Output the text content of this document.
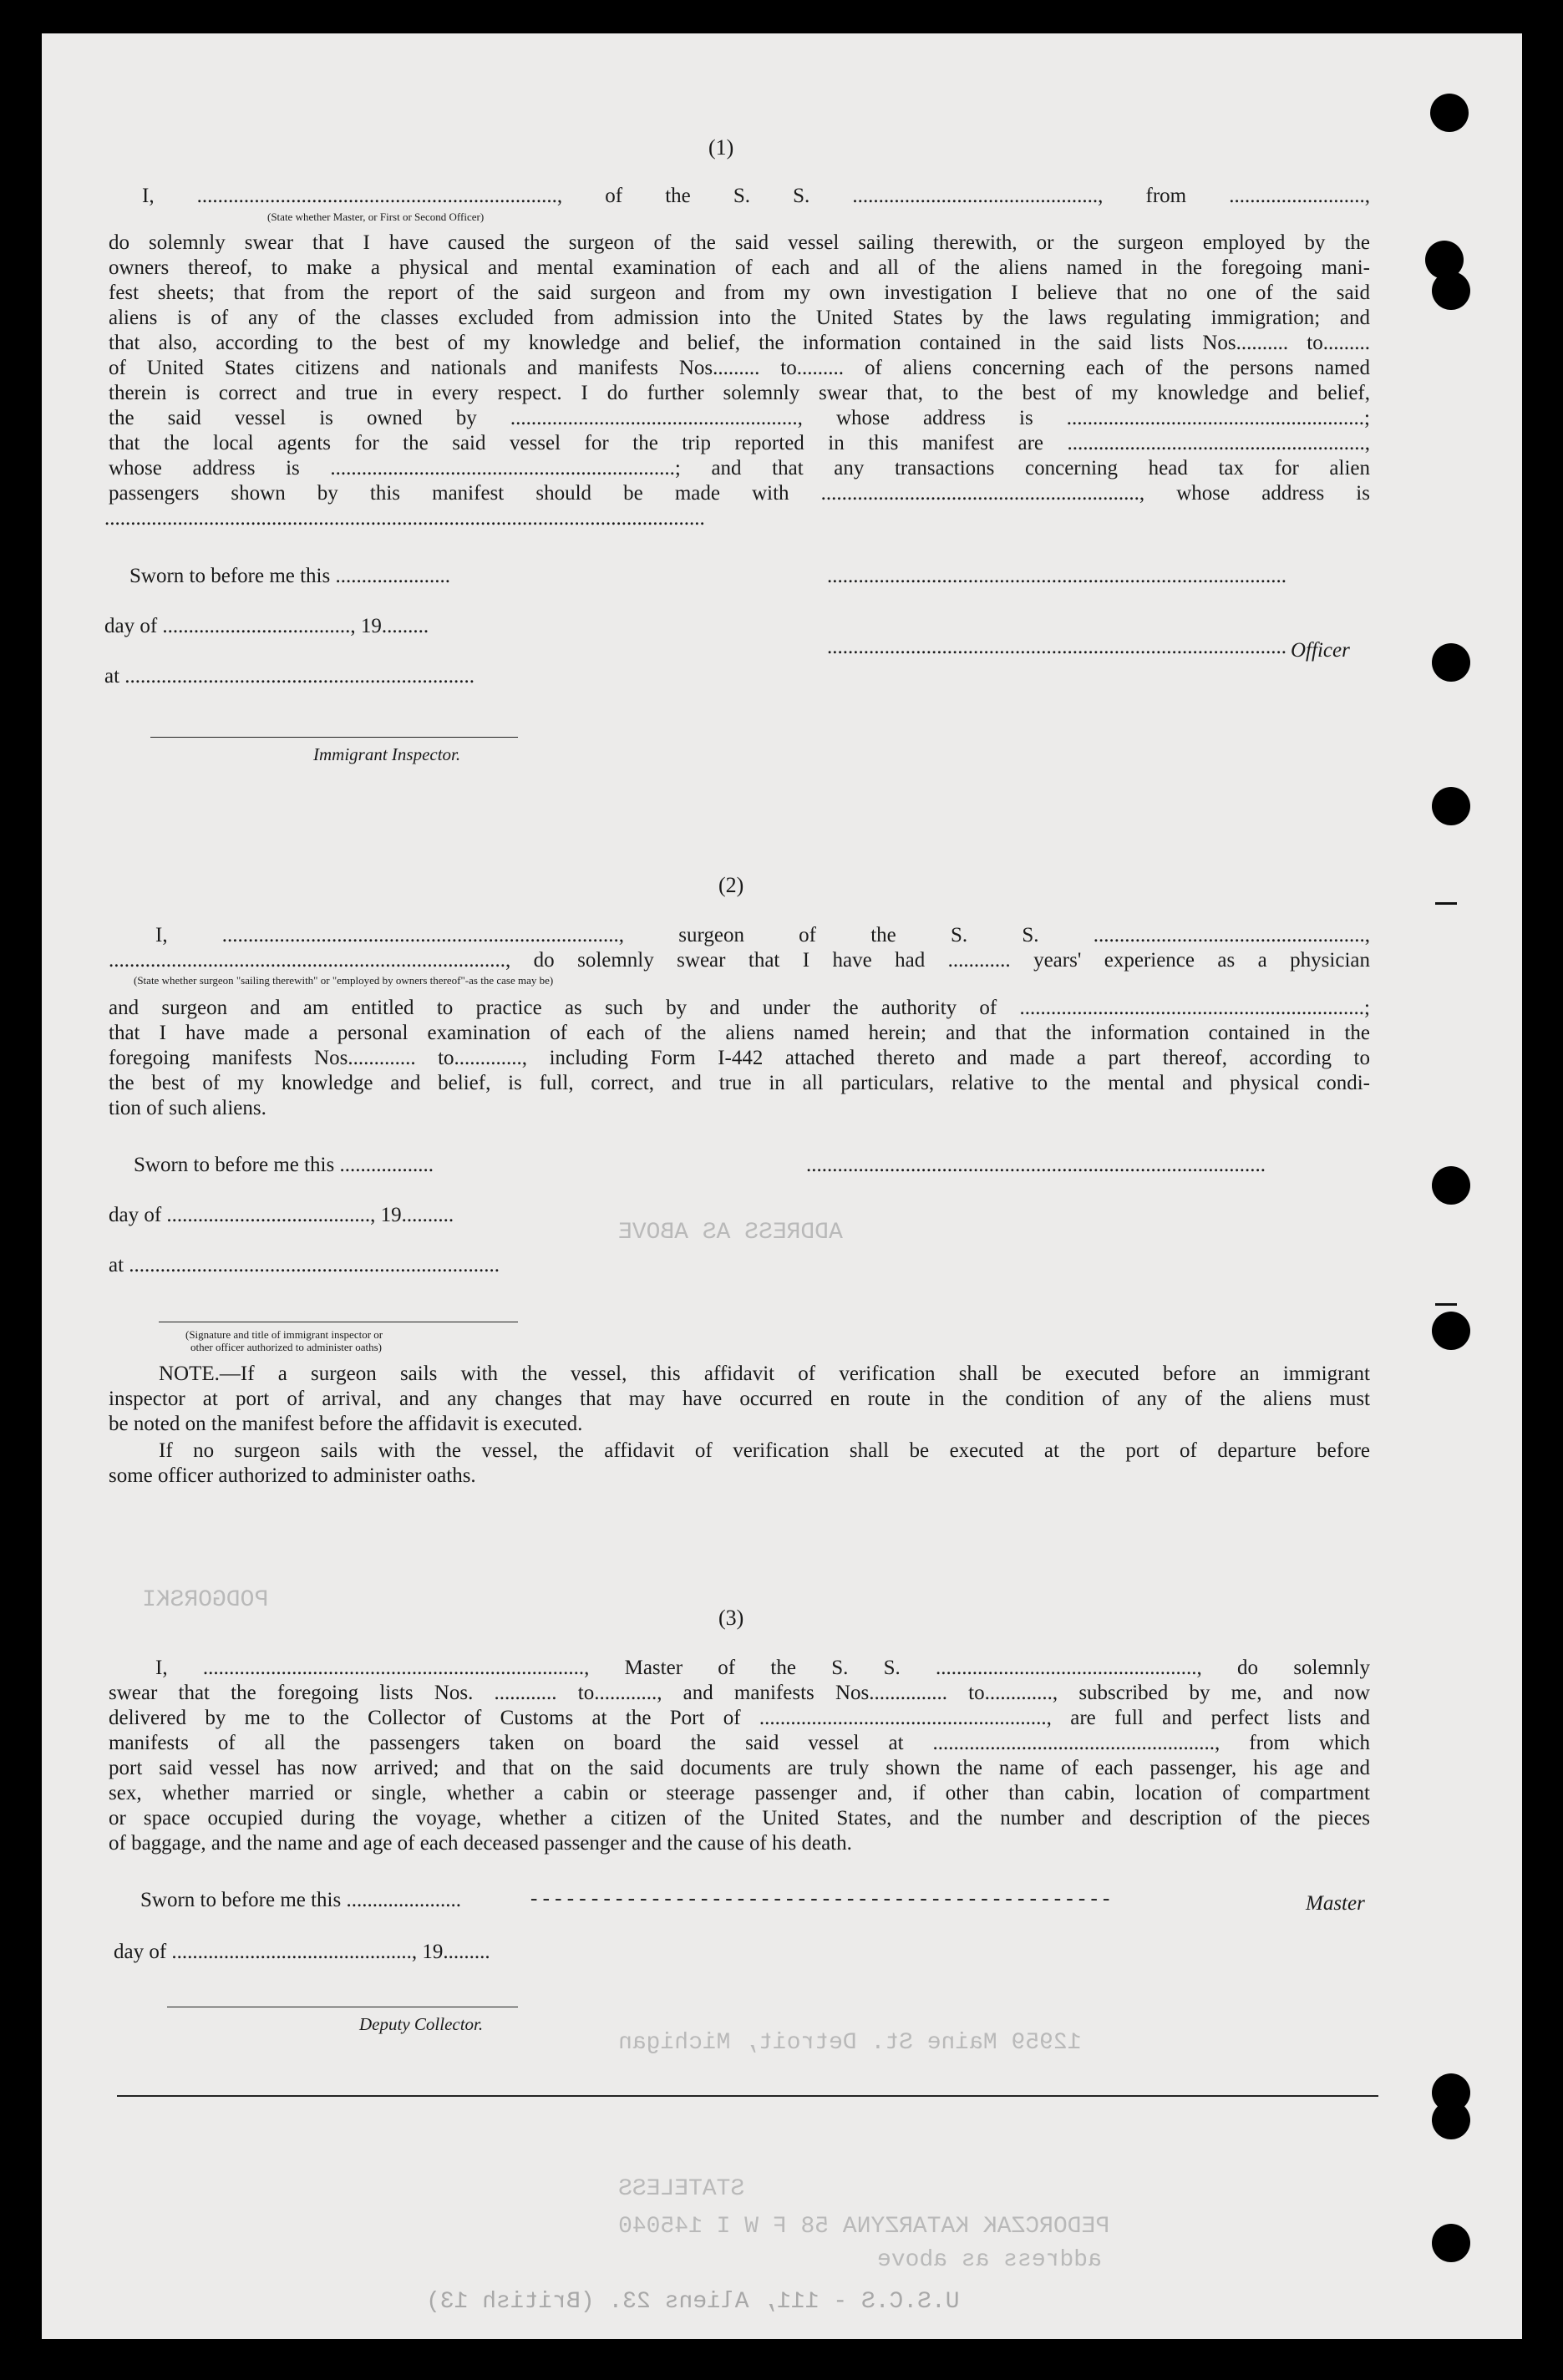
ADDRESS AS ABOVE
PODGORSKI
12959 Maine St. Detroit, Michigan
STATELESS
PEDORCZAK KATARZYNA 58 F W I 145040
address as above
U.S.C.S - 111, Aliens 23. (British 13)
(1)
I, ....................................................................., of the S. S. ..............................................., from ..........................,
(State whether Master, or First or Second Officer)
do solemnly swear that I have caused the surgeon of the said vessel sailing therewith, or the surgeon employed by the
owners thereof, to make a physical and mental examination of each and all of the aliens named in the foregoing mani-
fest sheets; that from the report of the said surgeon and from my own investigation I believe that no one of the said
aliens is of any of the classes excluded from admission into the United States by the laws regulating immigration; and
that also, according to the best of my knowledge and belief, the information contained in the said lists Nos.......... to.........
of United States citizens and nationals and manifests Nos......... to......... of aliens concerning each of the persons named
therein is correct and true in every respect. I do further solemnly swear that, to the best of my knowledge and belief,
the said vessel is owned by ......................................................., whose address is .........................................................;
that the local agents for the said vessel for the trip reported in this manifest are .........................................................,
whose address is ..................................................................; and that any transactions concerning head tax for alien
passengers shown by this manifest should be made with ............................................................., whose address is
...................................................................................................................
Sworn to before me this ......................	........................................................................................
day of ...................................., 19.........
........................................................................................ Officer
at ...................................................................
Immigrant Inspector.
(2)
I, ............................................................................, surgeon of the S. S. ....................................................,
............................................................................, do solemnly swear that I have had ............ years' experience as a physician
(State whether surgeon "sailing therewith" or "employed by owners thereof"-as the case may be)
and surgeon and am entitled to practice as such by and under the authority of ..................................................................;
that I have made a personal examination of each of the aliens named herein; and that the information contained in the
foregoing manifests Nos............. to............., including Form I-442 attached thereto and made a part thereof, according to
the best of my knowledge and belief, is full, correct, and true in all particulars, relative to the mental and physical condi-
tion of such aliens.
Sworn to before me this ..................	........................................................................................
day of ......................................., 19..........
at .......................................................................
(Signature and title of immigrant inspector or
other officer authorized to administer oaths)
NOTE.—If a surgeon sails with the vessel, this affidavit of verification shall be executed before an immigrant
inspector at port of arrival, and any changes that may have occurred en route in the condition of any of the aliens must
be noted on the manifest before the affidavit is executed.
If no surgeon sails with the vessel, the affidavit of verification shall be executed at the port of departure before
some officer authorized to administer oaths.
(3)
I, ........................................................................., Master of the S. S. .................................................., do solemnly
swear that the foregoing lists Nos. ............ to............, and manifests Nos............... to............., subscribed by me, and now
delivered by me to the Collector of Customs at the Port of ......................................................., are full and perfect lists and
manifests of all the passengers taken on board the said vessel at ......................................................, from which
port said vessel has now arrived; and that on the said documents are truly shown the name of each passenger, his age and
sex, whether married or single, whether a cabin or steerage passenger and, if other than cabin, location of compartment
or space occupied during the voyage, whether a citizen of the United States, and the number and description of the pieces
of baggage, and the name and age of each deceased passenger and the cause of his death.
Sworn to before me this ......................	- - - - - - - - - - - - - - - - - - - - - - - - - - - - - - - - - - - - - - - - - - - - - - - -	Master
day of .............................................., 19.........
Deputy Collector.
